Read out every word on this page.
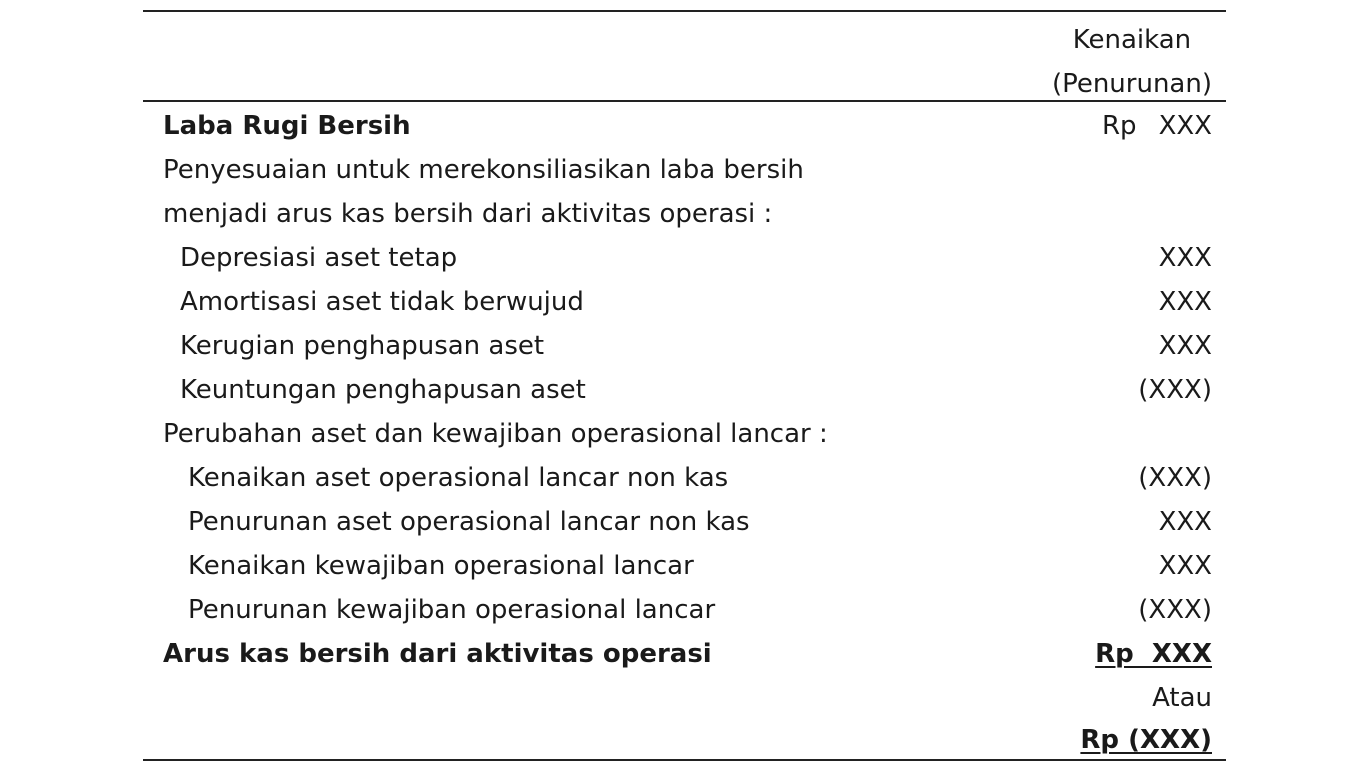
Kenaikan
(Penurunan)
Laba Rugi Bersih	Rp XXX
Penyesuaian untuk merekonsiliasikan laba bersih
menjadi arus kas bersih dari aktivitas operasi :
Depresiasi aset tetap	XXX
Amortisasi aset tidak berwujud	XXX
Kerugian penghapusan aset	XXX
Keuntungan penghapusan aset	(XXX)
Perubahan aset dan kewajiban operasional lancar :
Kenaikan aset operasional lancar non kas	(XXX)
Penurunan aset operasional lancar non kas	XXX
Kenaikan kewajiban operasional lancar	XXX
Penurunan kewajiban operasional lancar	(XXX)
Arus kas bersih dari aktivitas operasi	Rp  XXX
Atau
Rp (XXX)
